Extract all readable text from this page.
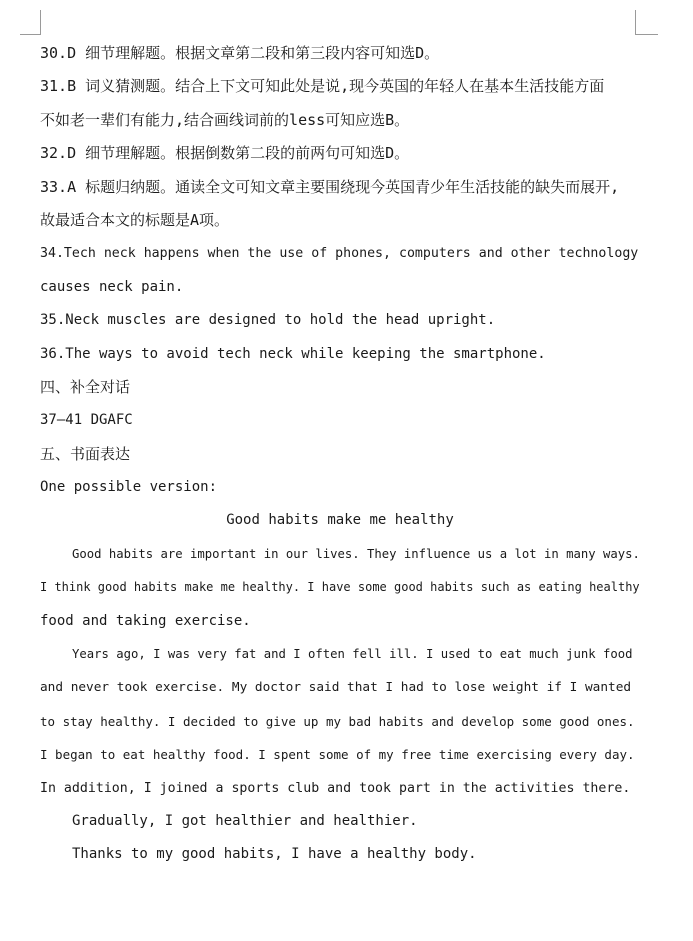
30.D 细节理解题。根据文章第二段和第三段内容可知选D。
31.B 词义猜测题。结合上下文可知此处是说,现今英国的年轻人在基本生活技能方面
不如老一辈们有能力,结合画线词前的less可知应选B。
32.D 细节理解题。根据倒数第二段的前两句可知选D。
33.A 标题归纳题。通读全文可知文章主要围绕现今英国青少年生活技能的缺失而展开,
故最适合本文的标题是A项。
34.Tech neck happens when the use of phones, computers and other technology
causes neck pain.
35.Neck muscles are designed to hold the head upright.
36.The ways to avoid tech neck while keeping the smartphone.
四、补全对话
37—41 DGAFC
五、书面表达
One possible version:
Good habits make me healthy
Good habits are important in our lives. They influence us a lot in many ways.
I think good habits make me healthy. I have some good habits such as eating healthy
food and taking exercise.
Years ago, I was very fat and I often fell ill. I used to eat much junk food
and never took exercise. My doctor said that I had to lose weight if I wanted
to stay healthy. I decided to give up my bad habits and develop some good ones.
I began to eat healthy food. I spent some of my free time exercising every day.
In addition, I joined a sports club and took part in the activities there.
Gradually, I got healthier and healthier.
Thanks to my good habits, I have a healthy body.
